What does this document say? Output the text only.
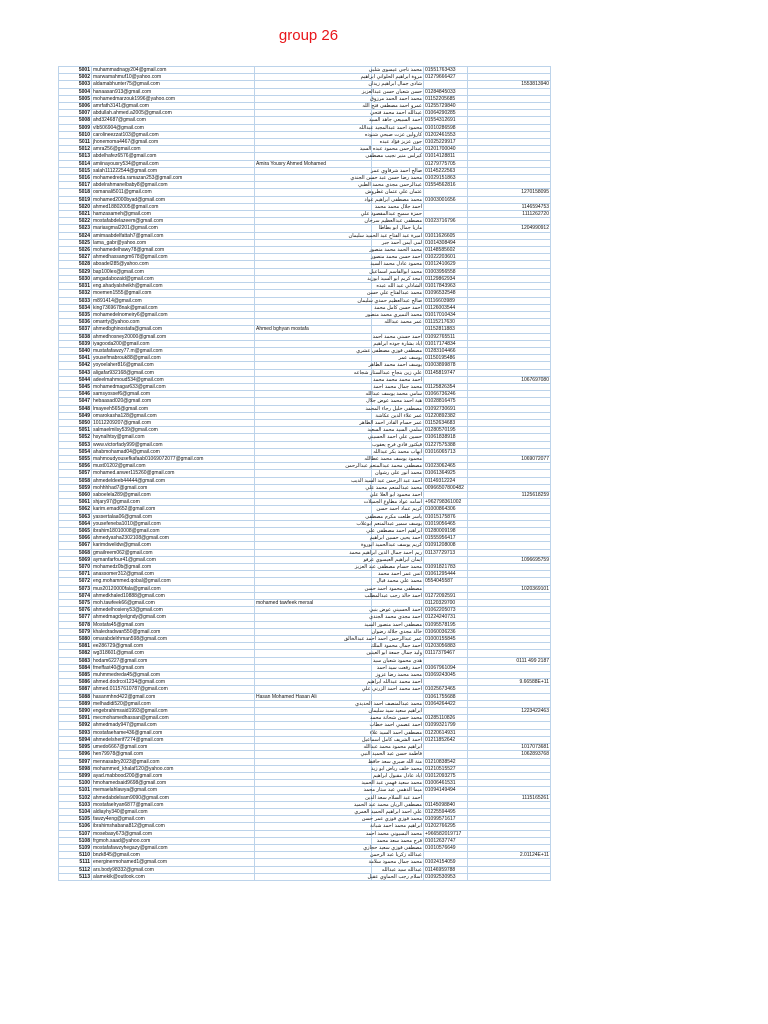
group 26
5001	muhammadnagy204@gmail.com		محمد ناجى عيسوى شلبى	01551763433	
5002	marwamahmuf10@yahoo.com		مروة ابراهيم الحلواني ابراهيم	01279666427	
5003	aldamabhunter75@gmail.com		شادى جمال ابراهيم زيدان		1553813940
5004	hanaasan913@gmail.com		حسن شعبان حسن عبدالعزيز	01284845033	
5005	mohamedmarzouk1996@yahoo.com		محمد احمد الحمد مرزوق	01152205685	
5006	amrfath3141@gmail.com		عمرو احمد مصطفى فتح الله	01255729840	
5007	abdullah.ahmed.a2005@gmail.com		عبدالله احمد محمد فتحي	01064290285	
5008	ahd324687@gmail.com		احمد السبيعي جاهد السيد	01554312691	
5009	vlb506904@gmail.com		محمود احمد عبدالمجيد عبدالله	01010286598	
5010	carolineezzat103@gmail.com		كارولين عزت صبحي شنوده	01202461553	
5011	jhonemoma4467@gmail.com		جون عزيز فؤاد عبده	01025229917	
5012	amra256@gmail.com		عبدالرحمن محمود عبده السيد	01201700040	
5013	abdelhafez6576@gmail.com		كيرلس منير نجيب مصطفى	01014128811	
5014	amiinayousry534@gmail.com	Amira Yousry Ahmed Mohamed		01279775705	
5015	salah111222544@gmail.com		صالح احمد شرقاوي عمر	01145222563	
5016	mohamedreda.ramazan253@gmail.com		محمد رضا حسن عبد حسن الجندي	01029151863	
5017	abdelrahmanelbaby8@gmail.com		عبدالرحمن مجدي محمد الطبي	01554562816	
5018	osmanali5011@gmail.com		عثمان علي عثمان غطروش		1270158095
5019	mohamed2000byad@gmail.com		محمد مصطفى ابراهيم عواد	01003001656	
5020	ahmed18802005@gmail.com		احمد جلال محمد محمد		1146594753
5021	hamzasameh@gmail.com		حمزة سميح عبدالمقصود علي		1111262720
5022	mostafabdelazeem@gmail.com		مصطفى عبدالعظيم سرحان	01023716796	
5023	mariasgmal2201@gmail.com		ماريا جمال ابو بطاطا		1204990912
5024	amimaabdelfattah7@gmail.com		اميرة عبد الفتاح عبد الحميد سليمان	01011626605	
5025	lama_gabr@yahoo.com		لمى أيمن أحمد جبر	01014308494	
5026	mohamedelhawy78@gmail.com		محمد الحمد محمد منصور	01148585602	
5027	ahmedhassangm678@gmail.com		احمد حسن محمد منصور	01022203601	
5028	aboadel285@yahoo.com		محمود عادل محمد السيد	01012410629	
5029	bap100lex@gmail.com		محمد ابوالقاسم اسماعيل	01003956558	
5030	amgadabozaid@gmail.com		امجد كريم ابو السيد ابوزيد	01129862934	
5031	eng.ahadyalsheikh@gmail.com		الشاذلي عبد الله عبده	01017843963	
5032	moemen1555@gmail.com		محمد عبدالفتاح علي حسن	01096532548	
5033	m891414@gmail.com		صالح عبدالعظيم حمدي سليمان	01116603989	
5034	king7369678nak@gmail.com		احمد حسن كامل محمد	01126003544	
5035	mohamedelnomeiry6@gmail.com		محمد النميري محمد منصور	01017010434	
5036	omarrty@yahoo.com		عمر محمد عبدالله	01115217630	
5037	ahmedbghinostafa@gmail.com	Ahmed bghyan mostafa		01152811883	
5038	ahmedhosney20000@gmail.com		احمد حسني محمد احمد	01092765511	
5039	iyagooda200@gmail.com		اياد بشارة جوده ابراهيم	01017174834	
5040	mustafafawzy77.m@gmail.com		مصطفى فوزي مصطفى عشري	01283104466	
5041	yousefmabrouk88@gmail.com		يوسف عمر	01150195486	
5042	yoyoelaher816@gmail.com		يوسف احمد محمد الطاهر	01003899878	
5043	aligafar932168@gmail.com		علي زين بنجاح عبدالستار شجاعه	01145819747	
5044	adeelmahmoud534@gmail.com		احمد محمد محمد محمد		1067697080
5045	mohamedmagar633@gmail.com		محمد جمال محمد احمد	01125826354	
5046	samsyossef6@gmail.com		سامي محمد يوسف عبدالله	01066736246	
5047	hebaasad020@gmail.com		هبة احمد محمد عوض جلال	01028816475	
5048	lmayeeh565@gmail.com		مصطفى خليل رجاء المحمد	01092730691	
5049	omarokasha128@gmail.com		عمر علاء الدين عكاشة	01220892382	
5050	10112209207@gmail.com		عمر حسام القادر احمد الطاهر	01152634683	
5051	salmaelmilsy539@gmail.com		سلمي السيد محمد السعيد	01280570195	
5052	hsynalhtsy@gmail.com		حسين علي احمد الحسيني	01061838918	
5053	www.victorfady999@gmail.com		فيكتور فادي فرج يعقوب	01227575388	
5054	ahabmohamad04@gmail.com		ايهاب محمد بكر عبدالله	01016065713	
5055	mahmoudyousefkafaab01069072077@gmail.com		محمود يوسف محمد عطالله		1069072077
5056	must01202@gmail.com		مصطفى محمد عبدالمنعم عبدالرحمن	01023062465	
5057	mohamed.anwer115260@gmail.com		محمد أنور على رشوان	01061364925	
5058	ahmedeldeeb44444@gmail.com		احمد عبد الرحمن عبد السيد الديب	01149312224	
5059	mohhhhad7@gmail.com		محمد عبدالمنعم محمد علي	00966507800482	
5060	saboelela289@gmail.com		احمد محمود ابو العلا علي		1125618259
5061	shjary97@gmail.com		اسامه عواد مطاوع الجميلات	+962798361002	
5062	karim.emad652@gmail.com		كريم عماد احمد حسن	01000864306	
5063	yassertalaa06@gmail.com		ياسر طلعت مكرم مصطفى	01015175876	
5064	yousefeneba1010@gmail.com		يوسف سمير عبدالمنعم ابوعلاب	01019056465	
5065	ibrahim18010008@gmail.com		ابراهيم احمد مصطفى علي	01280009198	
5066	ahmedyasha2302108@gmail.com		احمد يحيى حسين ابراهيم	01555956417	
5067	karimdwelidw@gmail.com		كريم يوسف عبدالحميد ابوروة	01091208008	
5068	gmailreem062@gmail.com		ريم احمد جمال الدين ابراهيم محمد	01137729713	
5069	aymanfarfour41@gmail.com		ايمان ابراهيم العيسوي عرفو		1096695759
5070	mohamedz0b@gmail.com		محمد حسام مصطفى عبد العزيز	01091821783	
5071	anassomer312@gmail.com		انس عمر احمد محمد	01061295444	
5072	eng.mohammed.qobal@gmail.com		محمد علي محمد قبال	0554045587	
5073	mus20120000fala@gmail.com		مصطفى محمود احمد حسن		1020369101
5074	ahmedkhaled10888@gmail.com		احمد خالد رجب عبدالمطلب	01272092591	
5075	moh.tawfeek66@gmail.com	mohamed tawfeek mersal		01120329700	
5076	ahmedelhosieny53@gmail.com		احمد الحسيني عوض بنبي	01062205073	
5077	ahmedmagdyelgndy@gmail.com		احمد مجدي محمد الجندي	01224240731	
5078	Mostafa45@gmail.com		مصطفى احمد منصور السيد	01095578195	
5079	khaledradwan550@gmail.com		خالد مجدي جلالة رضوان	01060036236	
5080	omarabdelrhman598@gmail.com		عمر عبدالرحمن احمد احمد عبدالخالق	01000155845	
5081	ee286729@gmail.com		احمد جمال محمود الملك	01203056883	
5082	wg318601@gmail.com		وليد جمال جمعة ابو العينين	01117379467	
5083	hodam6227@gmail.com		هدى محمود شعبان سيد		0111 499 2187
5084	fmeffast40@gmail.com		احمد رفعت سيد احمد	01067961094	
5085	muhmmedreda45@gmail.com		محمد محمد رضا عزوز	01069243045	
5086	ahmed.dodrcoi1234@gmail.com		احمد محمد عبدالله ابراهيم		9.66588E+11
5087	ahmed.01157610787@gmail.com		احمد محمد احمد الزرني علي	01025673465	
5088	hasanmhnd422@gmail.com	Hasan Mohamed Hasan Ali		01061755688	
5089	melhadidi520@gmail.com		محمد عبدالمنصف احمد الحديدي	01064264422	
5090	engebrahimsaid1993@gmail.com		ابراهيم سعيد سيد سليمان		1223422463
5091	mecmohamedhassan@gmail.com		محمد حسن شحاتة محمد	01285110826	
5092	ahmedmady947@gmail.com		احمد عصمي احمد خطاب	01099321799	
5093	mostafaehame436@gmail.com		مصطفى احمد السيد علاء	01220614931	
5094	ahmedelsherif7274@gmail.com		احمد الشريف كامل اسماعيل	01211852642	
5095	umedo6667@gmail.com		ابراهيم محمود محمد عبدالله		1017073681
5096	hen79978@gmail.com		فاطمة حسن عبد الحميد النبي		1062893768
5097	mennasabry2023@gmail.com		منة الله صبري سعد حافظ	01210838542	
5098	mohammed_khalaf120@yahoo.com		محمد خلف رياض ابو زيد	01210515527	
5099	ayad.mabbood200@gmail.com		اياد عادل مقبول ابراهيم	01012093275	
5100	hmohamedsaid9698@gmail.com		محمد سعيد فهمي عبد الحميد	01006461531	
5101	memaelahlawya@gmail.com		ميما الدهمي عبد ستار محمد	01094149494	
5102	ahmedabdelsam9090@gmail.com		احمد عبد السلام سعد الدين		1115165261
5103	mostafaelryan6877@gmail.com		مصطفى الريان محمد عبد الحميد	01145098840	
5104	aldiayhy340@gmail.com		علي احمد ابراهيم الحميد العمري	01225594495	
5105	fawzy4eng@gmail.com		محمد فوزي فوزي عمر حسن	01099571617	
5106	ibrahimshabana812@gmail.com		ابراهيم محمد احمد شبانة	01202766295	
5107	mosebasy673@gmail.com		محمد البسيوني محمد احمد	+966582019717	
5108	frgmoh.saad@yahoo.com		فرج محمد سعد محمد	01012637747	
5109	mostafafawzyhegazy@gmail.com		مصطفى فوزي سعيد حجازي	01010576649	
5110	bnzk845@gmail.com		عبدالله زكريا عبد الرحمن		2.01124E+11
5111	energinermohamed1@gmail.com		محمد جمال محمود سلامة	01024154059	
5112	ars.body98332@gmail.com		عبدالله سيد عبدالله	01146959788	
5113	alamekik@outlook.com		اسلام رجب الحماوي عقيل	01092530953	
